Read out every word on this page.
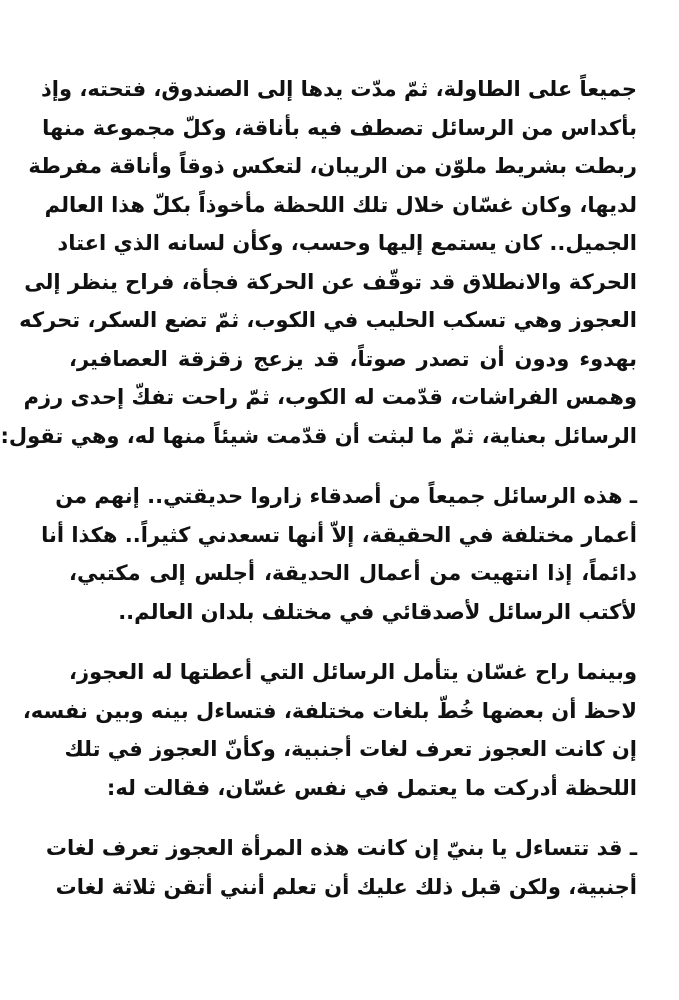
جميعاً على الطاولة، ثمّ مدّت يدها إلى الصندوق، فتحته، وإذ
بأكداس من الرسائل تصطف فيه بأناقة، وكلّ مجموعة منها
ربطت بشريط ملوّن من الريبان، لتعكس ذوقاً وأناقة مفرطة
لديها، وكان غسّان خلال تلك اللحظة مأخوذاً بكلّ هذا العالم
الجميل.. كان يستمع إليها وحسب، وكأن لسانه الذي اعتاد
الحركة والانطلاق قد توقّف عن الحركة فجأة، فراح ينظر إلى
العجوز وهي تسكب الحليب في الكوب، ثمّ تضع السكر، تحركه
بهدوء ودون أن تصدر صوتاً، قد يزعج زقزقة العصافير،
وهمس الفراشات، قدّمت له الكوب، ثمّ راحت تفكّ إحدى رزم
الرسائل بعناية، ثمّ ما لبثت أن قدّمت شيئاً منها له، وهي تقول:
ـ هذه الرسائل جميعاً من أصدقاء زاروا حديقتي.. إنهم من
أعمار مختلفة في الحقيقة، إلاّ أنها تسعدني كثيراً.. هكذا أنا
دائماً، إذا انتهيت من أعمال الحديقة، أجلس إلى مكتبي،
لأكتب الرسائل لأصدقائي في مختلف بلدان العالم..
وبينما راح غسّان يتأمل الرسائل التي أعطتها له العجوز،
لاحظ أن بعضها خُطّ بلغات مختلفة، فتساءل بينه وبين نفسه،
إن كانت العجوز تعرف لغات أجنبية، وكأنّ العجوز في تلك
اللحظة أدركت ما يعتمل في نفس غسّان، فقالت له:
ـ قد تتساءل يا بنيّ إن كانت هذه المرأة العجوز تعرف لغات
أجنبية، ولكن قبل ذلك عليك أن تعلم أنني أتقن ثلاثة لغات
